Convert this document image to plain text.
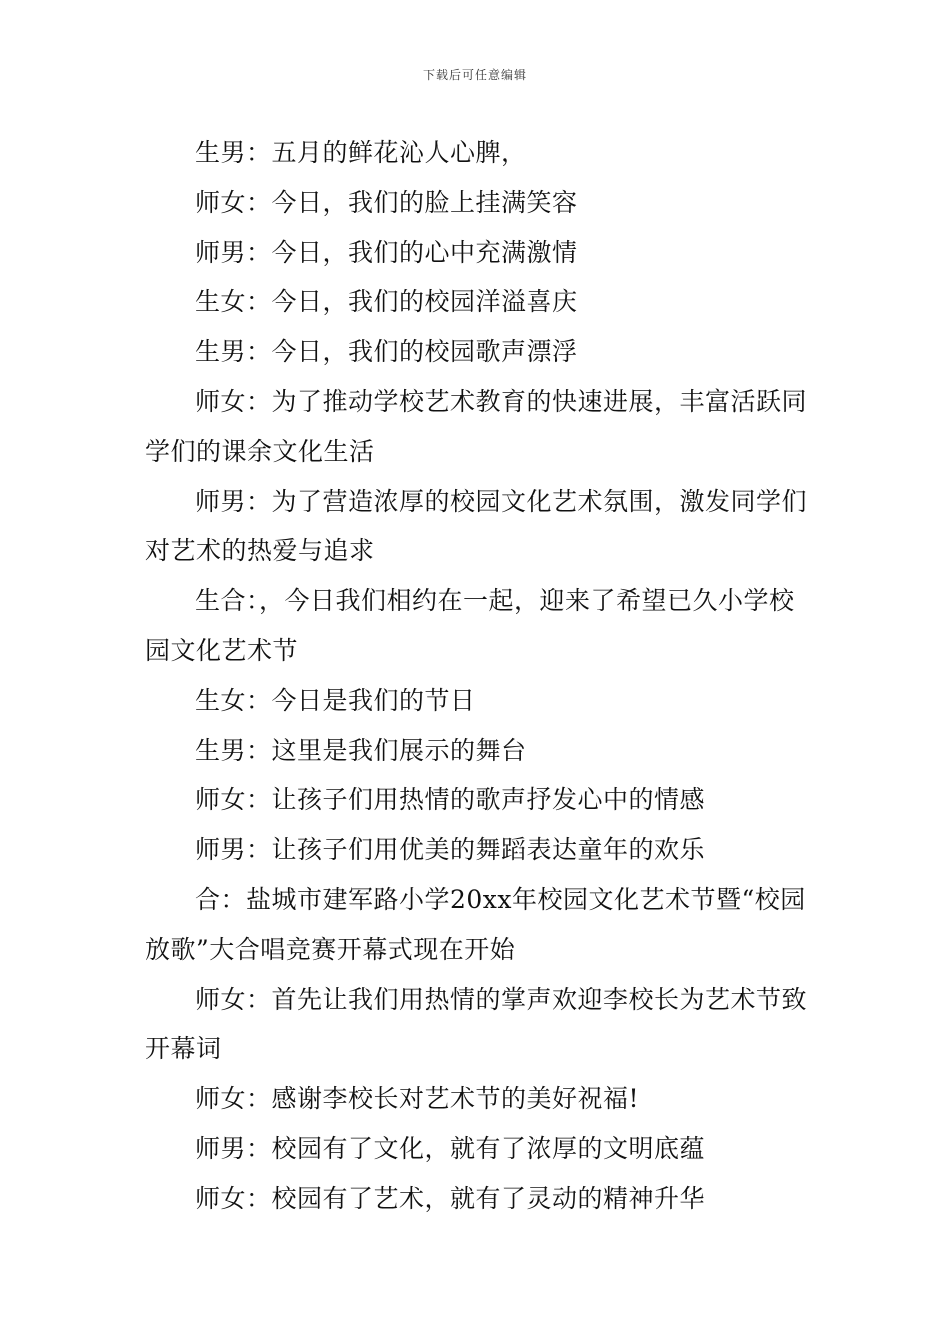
下载后可任意编辑

生男：五月的鲜花沁人心脾，

师女：今日，我们的脸上挂满笑容

师男：今日，我们的心中充满激情

生女：今日，我们的校园洋溢喜庆

生男：今日，我们的校园歌声漂浮

师女：为了推动学校艺术教育的快速进展，丰富活跃同学们的课余文化生活

师男：为了营造浓厚的校园文化艺术氛围，激发同学们对艺术的热爱与追求

生合：，今日我们相约在一起，迎来了希望已久小学校园文化艺术节

生女：今日是我们的节日

生男：这里是我们展示的舞台

师女：让孩子们用热情的歌声抒发心中的情感

师男：让孩子们用优美的舞蹈表达童年的欢乐

合：盐城市建军路小学20xx年校园文化艺术节暨“校园放歌”大合唱竞赛开幕式现在开始

师女：首先让我们用热情的掌声欢迎李校长为艺术节致开幕词

师女：感谢李校长对艺术节的美好祝福!

师男：校园有了文化，就有了浓厚的文明底蕴

师女：校园有了艺术，就有了灵动的精神升华
